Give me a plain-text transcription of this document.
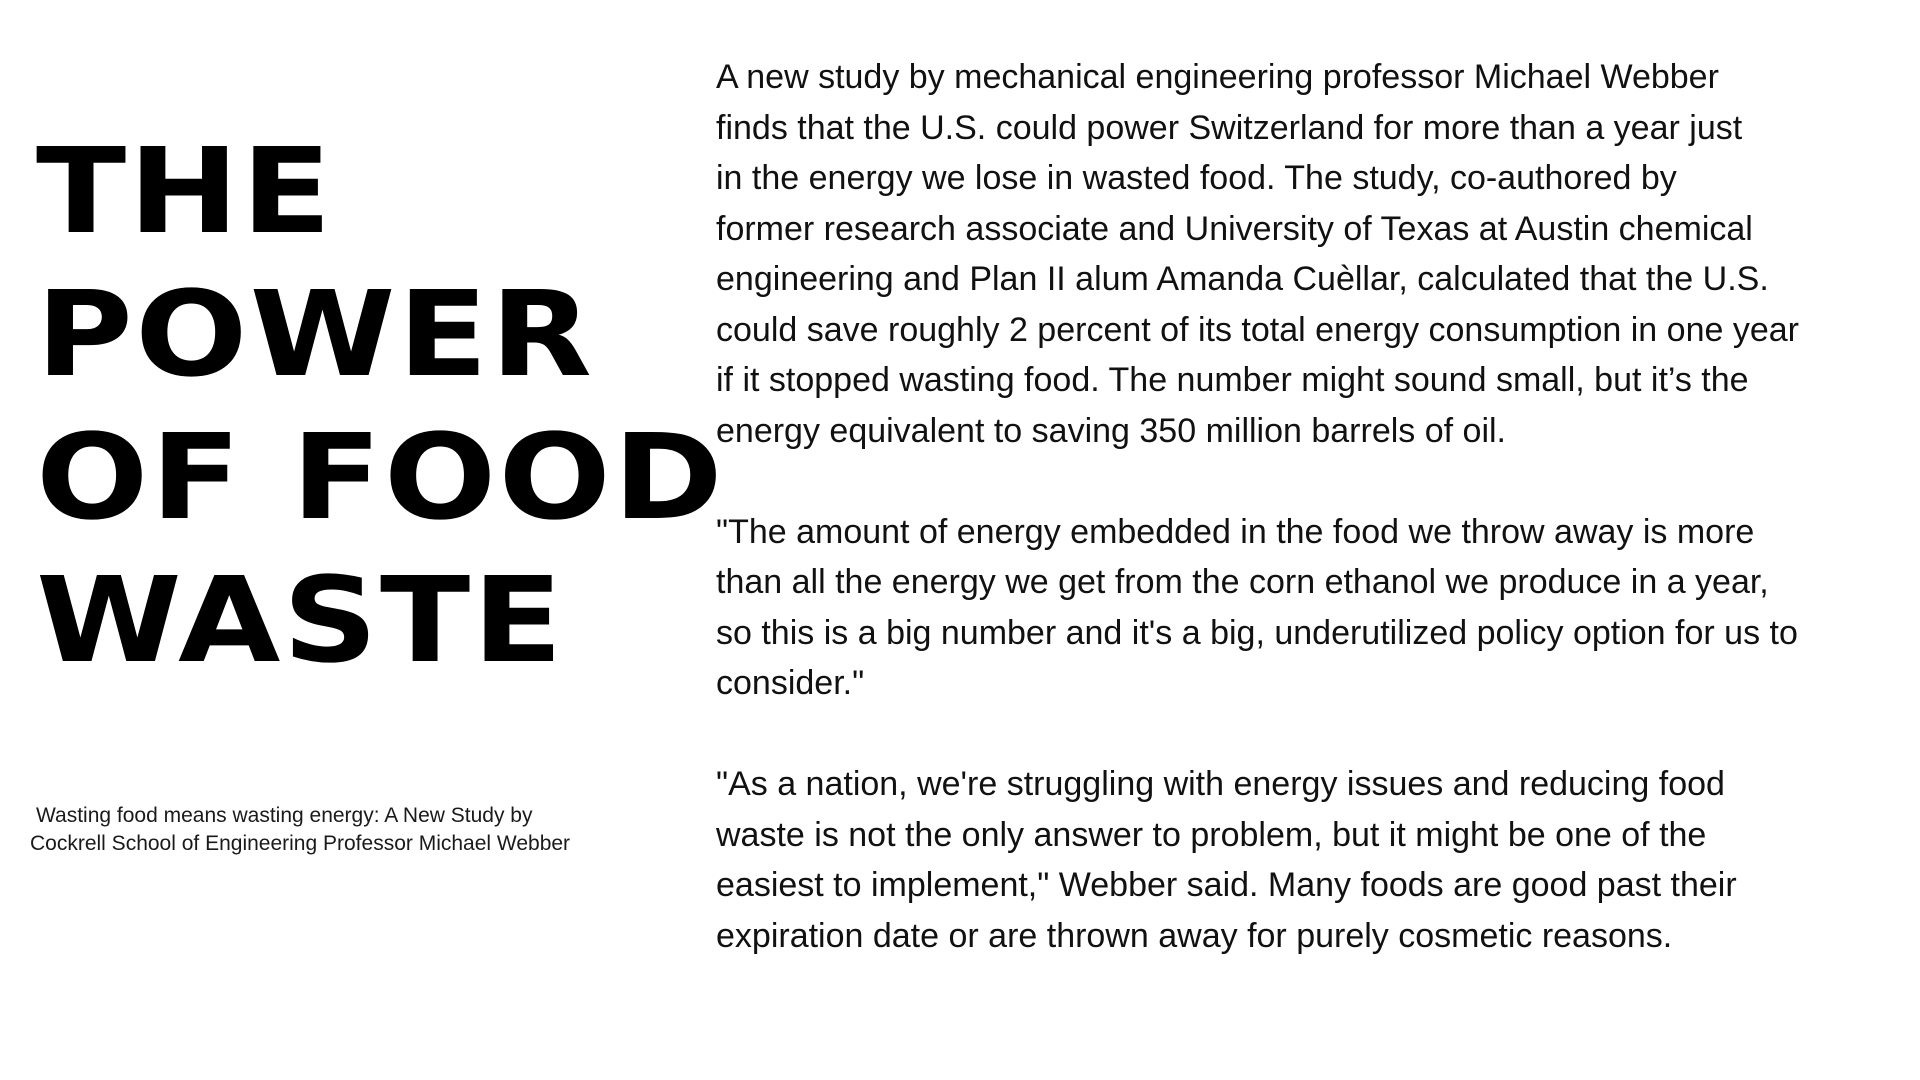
THE
POWER
OF FOOD
WASTE
Wasting food means wasting energy: A New Study by
Cockrell School of Engineering Professor Michael Webber

A new study by mechanical engineering professor Michael Webber
finds that the U.S. could power Switzerland for more than a year just
in the energy we lose in wasted food. The study, co-authored by
former research associate and University of Texas at Austin chemical
engineering and Plan II alum Amanda Cuèllar, calculated that the U.S.
could save roughly 2 percent of its total energy consumption in one year
if it stopped wasting food. The number might sound small, but it’s the
energy equivalent to saving 350 million barrels of oil.

"The amount of energy embedded in the food we throw away is more
than all the energy we get from the corn ethanol we produce in a year,
so this is a big number and it's a big, underutilized policy option for us to
consider."

"As a nation, we're struggling with energy issues and reducing food
waste is not the only answer to problem, but it might be one of the
easiest to implement," Webber said. Many foods are good past their
expiration date or are thrown away for purely cosmetic reasons.
